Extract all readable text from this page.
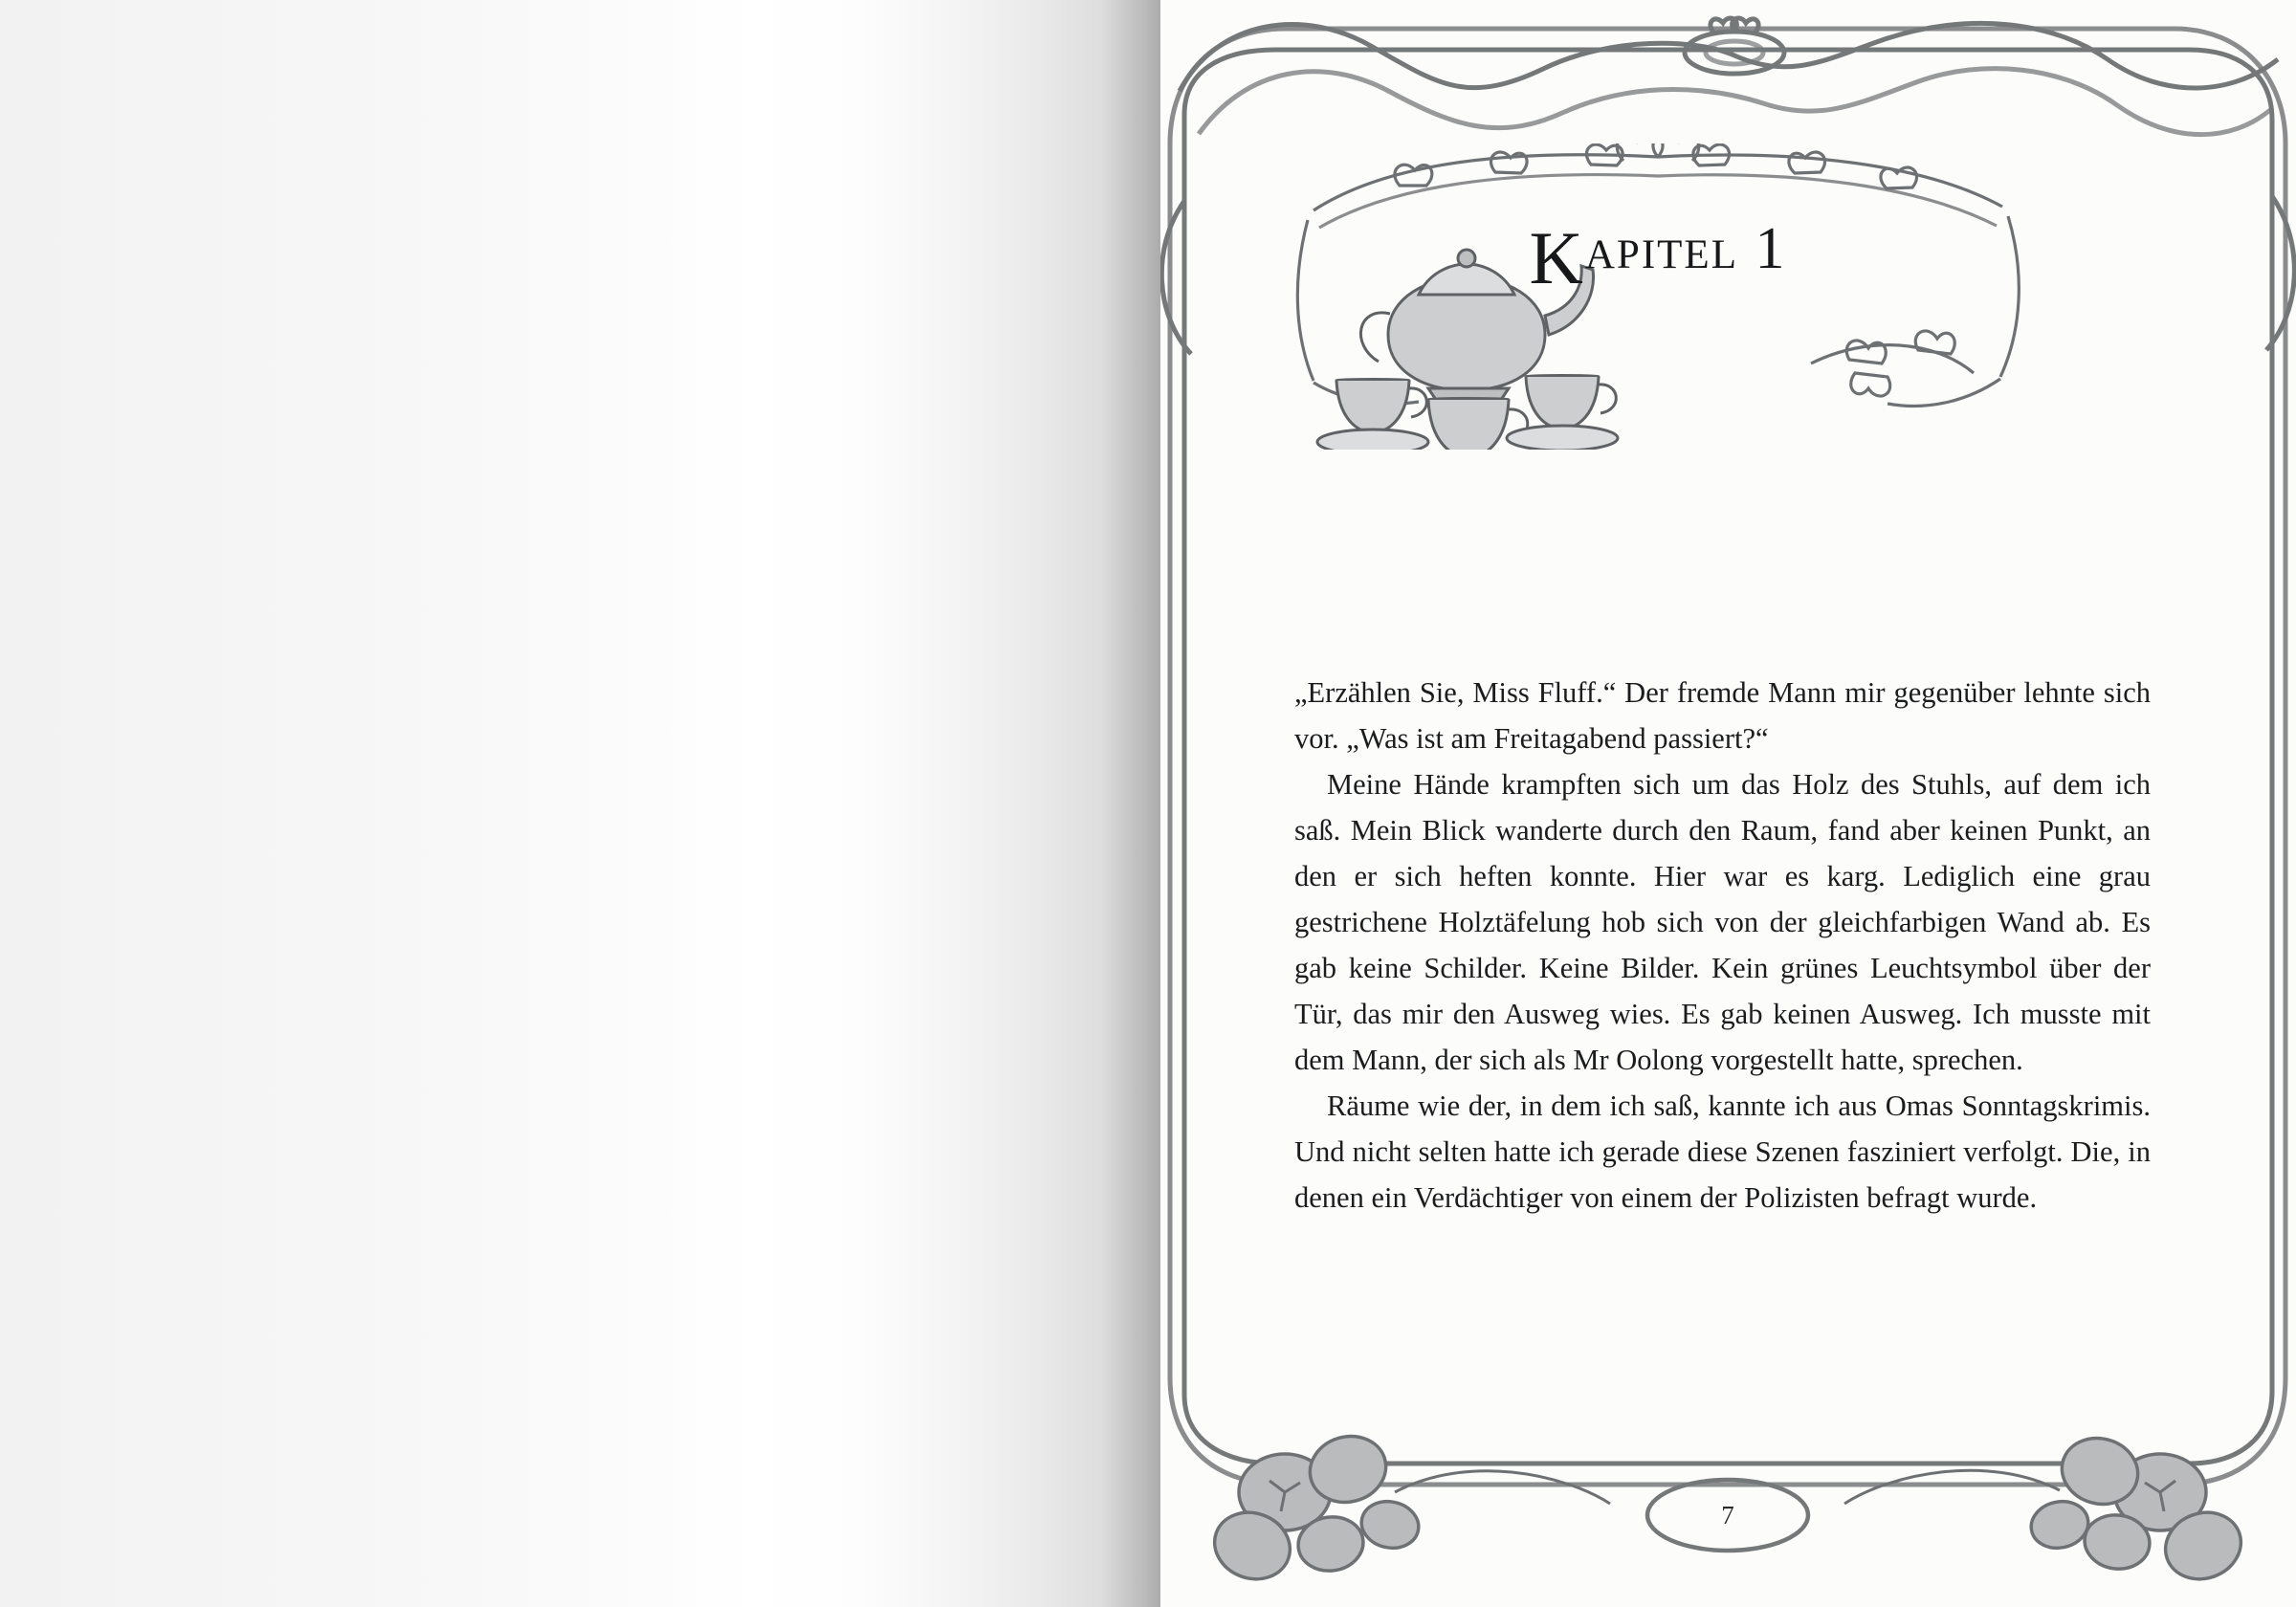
K apitel 1

„Erzählen Sie, Miss Fluff.“ Der fremde Mann mir gegenüber lehnte sich vor. „Was ist am Freitagabend passiert?“

Meine Hände krampften sich um das Holz des Stuhls, auf dem ich saß. Mein Blick wanderte durch den Raum, fand aber keinen Punkt, an den er sich heften konnte. Hier war es karg. Lediglich eine grau gestrichene Holztäfelung hob sich von der gleichfarbigen Wand ab. Es gab keine Schilder. Keine Bilder. Kein grünes Leuchtsymbol über der Tür, das mir den Ausweg wies. Es gab keinen Ausweg. Ich musste mit dem Mann, der sich als Mr Oolong vorgestellt hatte, sprechen.

Räume wie der, in dem ich saß, kannte ich aus Omas Sonntagskrimis. Und nicht selten hatte ich gerade diese Szenen fasziniert verfolgt. Die, in denen ein Verdächtiger von einem der Polizisten befragt wurde.

7
